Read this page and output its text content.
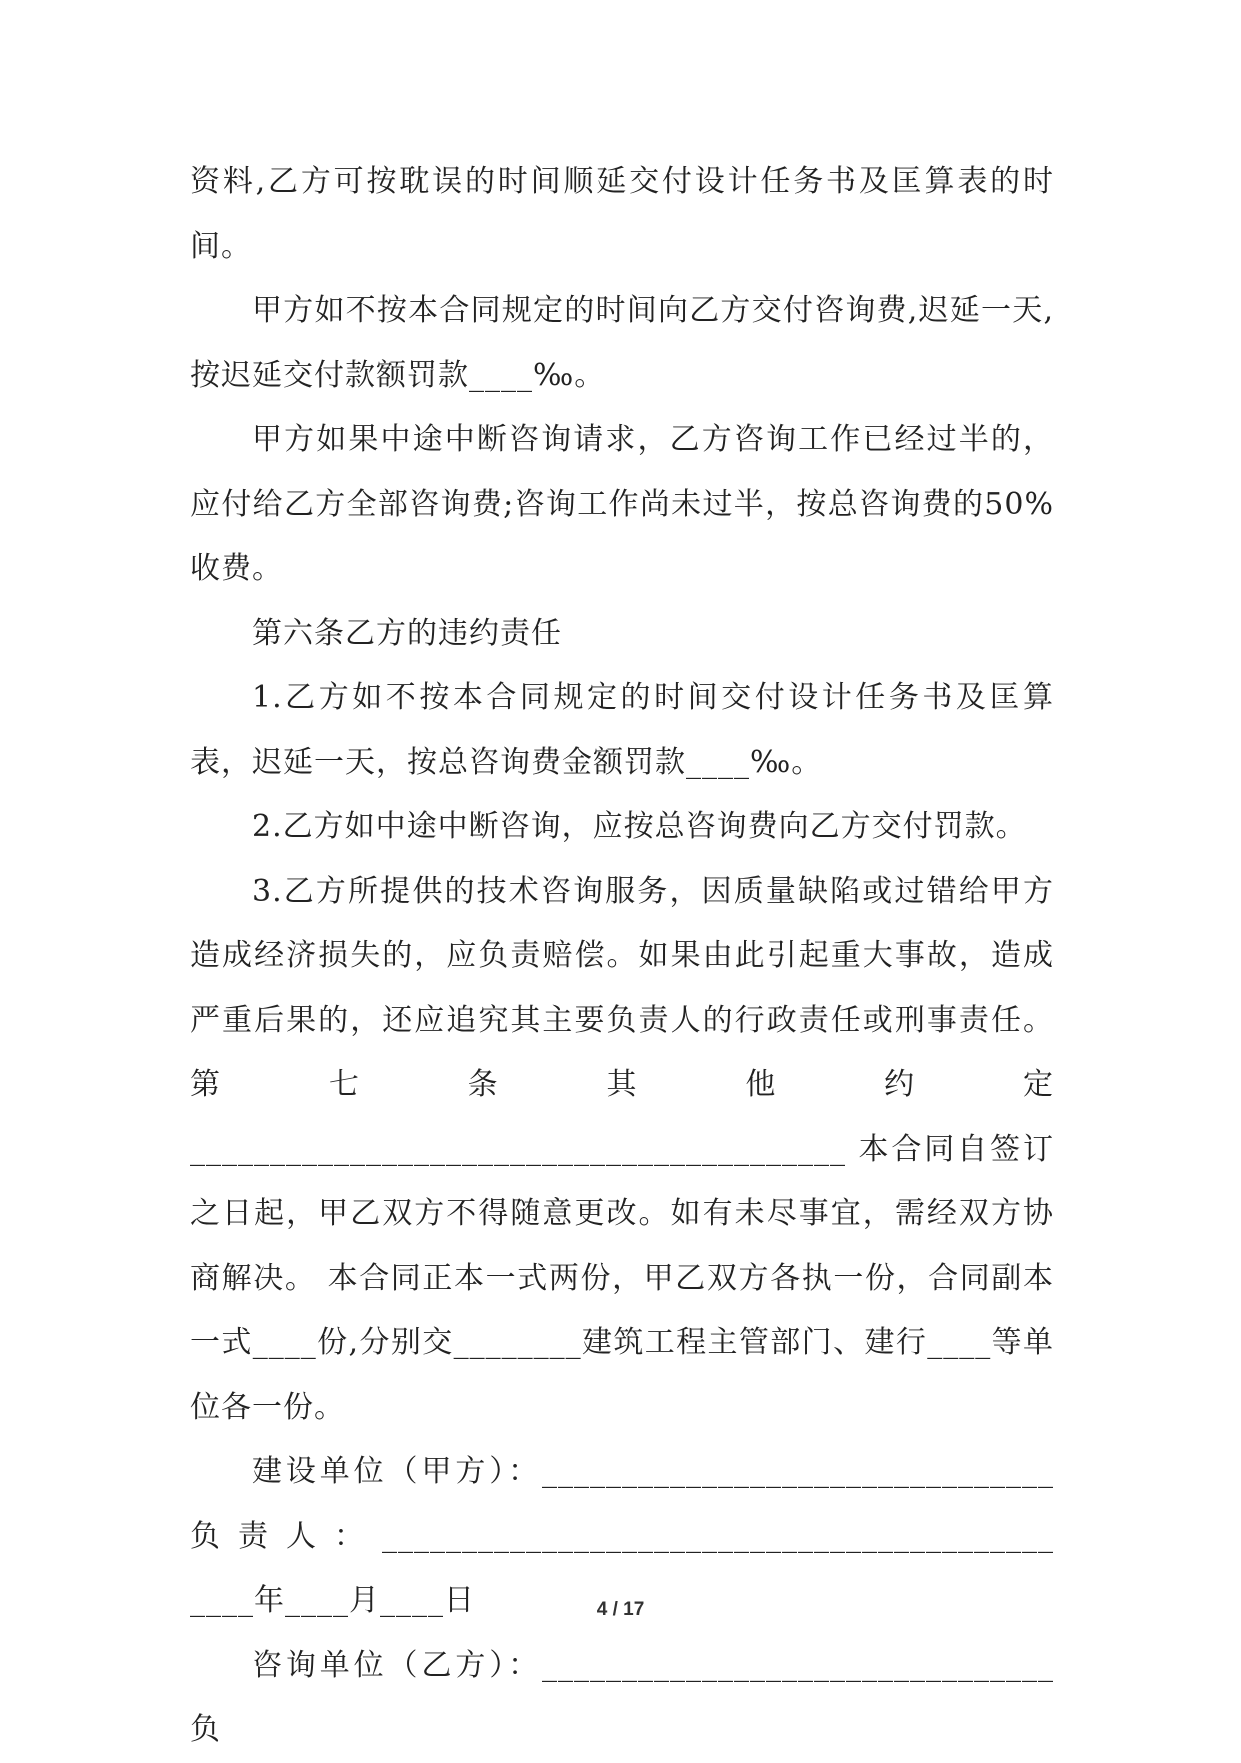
资料,乙方可按耽误的时间顺延交付设计任务书及匡算表的时间。

甲方如不按本合同规定的时间向乙方交付咨询费,迟延一天,按迟延交付款额罚款____‰。

甲方如果中途中断咨询请求，乙方咨询工作已经过半的，应付给乙方全部咨询费;咨询工作尚未过半，按总咨询费的50%收费。

第六条乙方的违约责任

1.乙方如不按本合同规定的时间交付设计任务书及匡算表，迟延一天，按总咨询费金额罚款____‰。

2.乙方如中途中断咨询，应按总咨询费向乙方交付罚款。

3.乙方所提供的技术咨询服务，因质量缺陷或过错给甲方造成经济损失的，应负责赔偿。如果由此引起重大事故，造成严重后果的，还应追究其主要负责人的行政责任或刑事责任。 第七条其他约定_________________________________________ 本合同自签订之日起，甲乙双方不得随意更改。如有未尽事宜，需经双方协商解决。 本合同正本一式两份，甲乙双方各执一份，合同副本一式____份,分别交________建筑工程主管部门、建行____等单位各一份。

建设单位（甲方）：________________________________ 负责人：__________________________________________ ____年____月____日

咨询单位（乙方）：________________________________ 负

4 / 17
